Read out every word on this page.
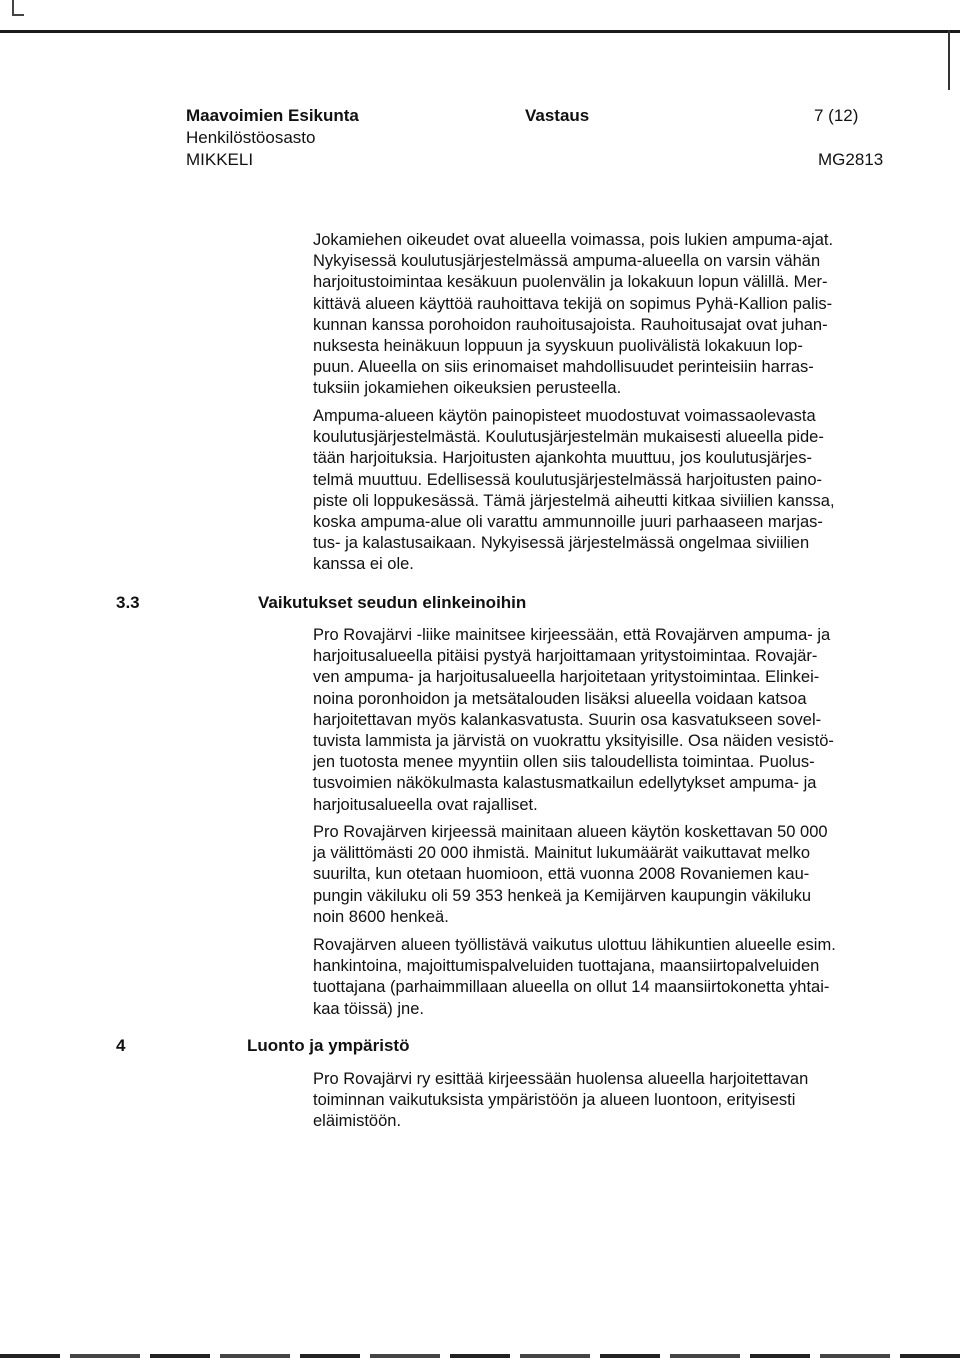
Maavoimien Esikunta
Henkilöstöosasto
MIKKELI
Vastaus	7 (12)
MG2813

Jokamiehen oikeudet ovat alueella voimassa, pois lukien ampuma-ajat.
Nykyisessä koulutusjärjestelmässä ampuma-alueella on varsin vähän
harjoitustoimintaa kesäkuun puolenvälin ja lokakuun lopun välillä. Mer-
kittävä alueen käyttöä rauhoittava tekijä on sopimus Pyhä-Kallion palis-
kunnan kanssa porohoidon rauhoitusajoista. Rauhoitusajat ovat juhan-
nuksesta heinäkuun loppuun ja syyskuun puolivälistä lokakuun lop-
puun. Alueella on siis erinomaiset mahdollisuudet perinteisiin harras-
tuksiin jokamiehen oikeuksien perusteella.

Ampuma-alueen käytön painopisteet muodostuvat voimassaolevasta
koulutusjärjestelmästä. Koulutusjärjestelmän mukaisesti alueella pide-
tään harjoituksia. Harjoitusten ajankohta muuttuu, jos koulutusjärjes-
telmä muuttuu. Edellisessä koulutusjärjestelmässä harjoitusten paino-
piste oli loppukesässä. Tämä järjestelmä aiheutti kitkaa siviilien kanssa,
koska ampuma-alue oli varattu ammunnoille juuri parhaaseen marjas-
tus- ja kalastusaikaan. Nykyisessä järjestelmässä ongelmaa siviilien
kanssa ei ole.

3.3	Vaikutukset seudun elinkeinoihin

Pro Rovajärvi -liike mainitsee kirjeessään, että Rovajärven ampuma- ja
harjoitusalueella pitäisi pystyä harjoittamaan yritystoimintaa. Rovajär-
ven ampuma- ja harjoitusalueella harjoitetaan yritystoimintaa. Elinkei-
noina poronhoidon ja metsätalouden lisäksi alueella voidaan katsoa
harjoitettavan myös kalankasvatusta. Suurin osa kasvatukseen sovel-
tuvista lammista ja järvistä on vuokrattu yksityisille. Osa näiden vesistö-
jen tuotosta menee myyntiin ollen siis taloudellista toimintaa. Puolus-
tusvoimien näkökulmasta kalastusmatkailun edellytykset ampuma- ja
harjoitusalueella ovat rajalliset.

Pro Rovajärven kirjeessä mainitaan alueen käytön koskettavan 50 000
ja välittömästi 20 000 ihmistä. Mainitut lukumäärät vaikuttavat melko
suurilta, kun otetaan huomioon, että vuonna 2008 Rovaniemen kau-
pungin väkiluku oli 59 353 henkeä ja Kemijärven kaupungin väkiluku
noin 8600 henkeä.

Rovajärven alueen työllistävä vaikutus ulottuu lähikuntien alueelle esim.
hankintoina, majoittumispalveluiden tuottajana, maansiirtopalveluiden
tuottajana (parhaimmillaan alueella on ollut 14 maansiirtokonetta yhtai-
kaa töissä) jne.

4	Luonto ja ympäristö

Pro Rovajärvi ry esittää kirjeessään huolensa alueella harjoitettavan
toiminnan vaikutuksista ympäristöön ja alueen luontoon, erityisesti
eläimistöön.
